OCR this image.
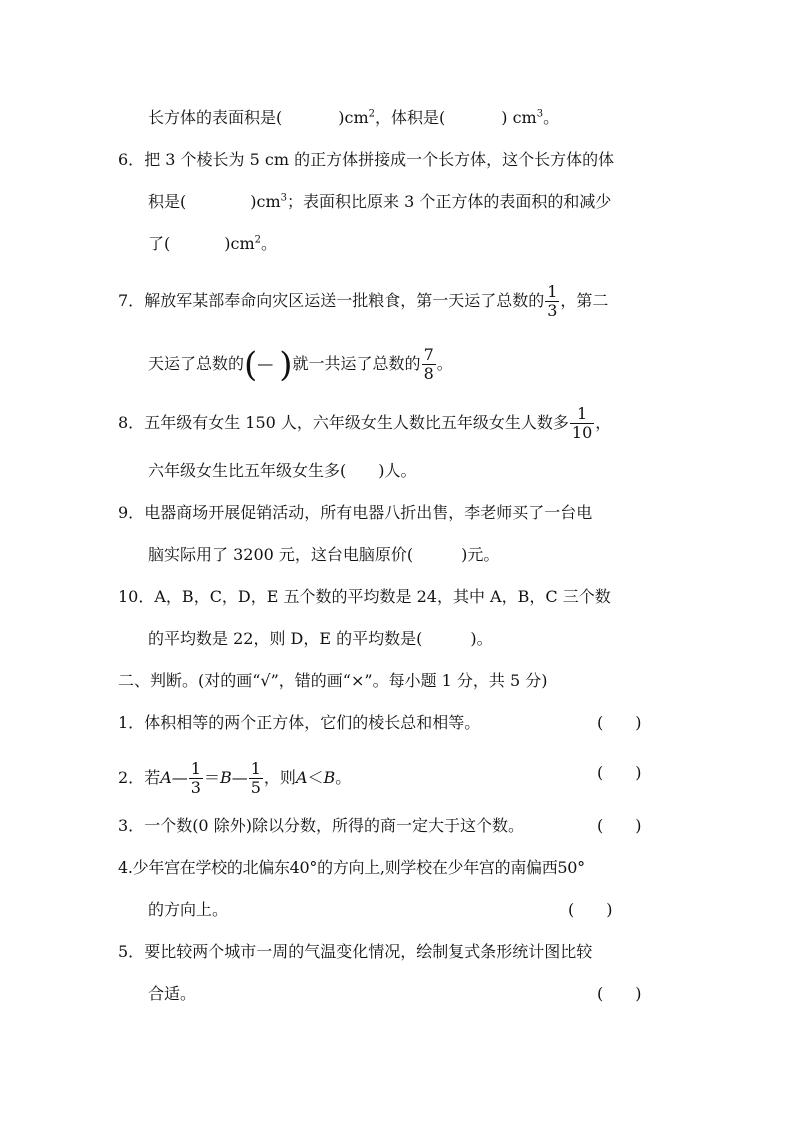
长方体的表面积是(	)$cm^2$，体积是(	) $cm^3$。
6．把 3 个棱长为 5 cm 的正方体拼接成一个长方体，这个长方体的体
积是(	)$cm^3$；表面积比原来 3 个正方体的表面积的和减少
了(	)$cm^2$。
7．解放军某部奉命向灾区运送一批粮食，第一天运了总数的 $\frac{1}{3}$ ，第二
天运了总数的(— )就一共运了总数的 $\frac{7}{8}$ 。
8．五年级有女生 150 人，六年级女生人数比五年级女生人数多 $\frac{1}{10}$ ，
六年级女生比五年级女生多(　　)人。
9．电器商场开展促销活动，所有电器八折出售，李老师买了一台电
脑实际用了 3200 元，这台电脑原价(　　　)元。
10．A，B，C，D，E 五个数的平均数是 24，其中 A，B，C 三个数
的平均数是 22，则 D，E 的平均数是(　　　)。
二、判断。(对的画“√”，错的画“×”。每小题 1 分，共 5 分)
1．体积相等的两个正方体，它们的棱长总和相等。	(　　)
2．若A— $\frac{1}{3}$ ＝B— $\frac{1}{5}$ ，则A＜B。	(　　)
3．一个数(0 除外)除以分数，所得的商一定大于这个数。	(　　)
4.少年宫在学校的北偏东40°的方向上,则学校在少年宫的南偏西50°
的方向上。	(　　)
5．要比较两个城市一周的气温变化情况，绘制复式条形统计图比较
合适。	(　　)
